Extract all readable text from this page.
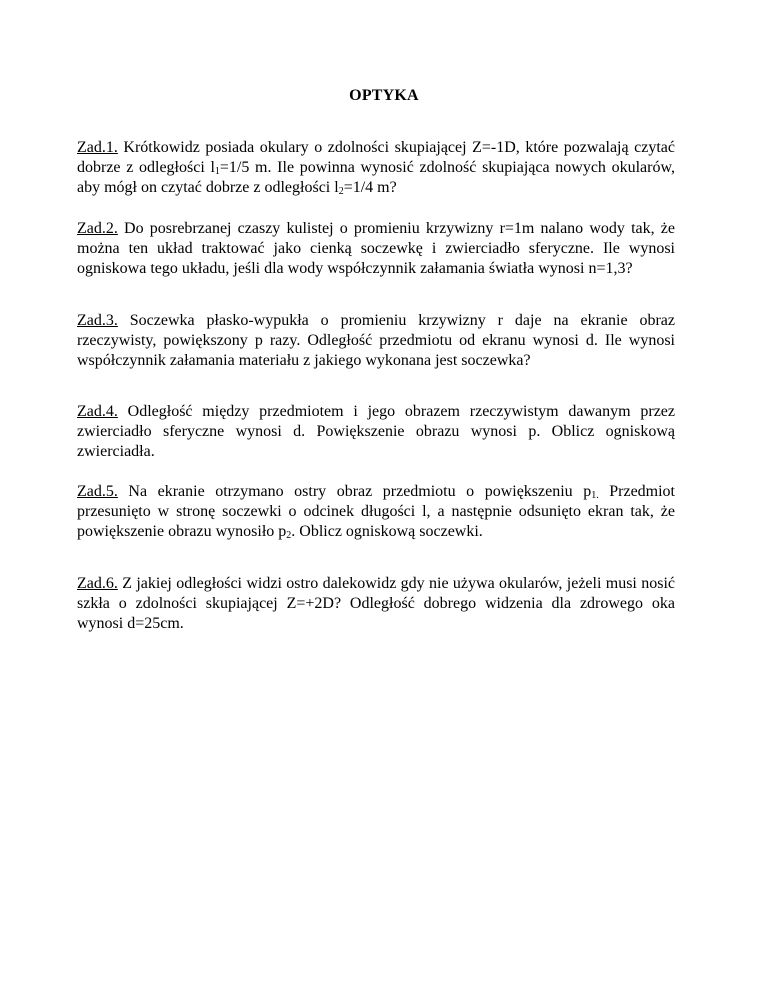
OPTYKA

Zad.1. Krótkowidz posiada okulary o zdolności skupiającej Z=-1D, które pozwalają czytać dobrze z odległości $l_1=1/5$ m. Ile powinna wynosić zdolność skupiająca nowych okularów, aby mógł on czytać dobrze z odległości $l_2=1/4$ m?

Zad.2. Do posrebrzanej czaszy kulistej o promieniu krzywizny r=1m nalano wody tak, że można ten układ traktować jako cienką soczewkę i zwierciadło sferyczne. Ile wynosi ogniskowa tego układu, jeśli dla wody współczynnik załamania światła wynosi n=1,3?

Zad.3. Soczewka płasko-wypukła o promieniu krzywizny r daje na ekranie obraz rzeczywisty, powiększony p razy. Odległość przedmiotu od ekranu wynosi d. Ile wynosi współczynnik załamania materiału z jakiego wykonana jest soczewka?

Zad.4. Odległość między przedmiotem i jego obrazem rzeczywistym dawanym przez zwierciadło sferyczne wynosi d. Powiększenie obrazu wynosi p. Oblicz ogniskową zwierciadła.

Zad.5. Na ekranie otrzymano ostry obraz przedmiotu o powiększeniu $p_{1.}$ Przedmiot przesunięto w stronę soczewki o odcinek długości l, a następnie odsunięto ekran tak, że powiększenie obrazu wynosiło $p_2$. Oblicz ogniskową soczewki.

Zad.6. Z jakiej odległości widzi ostro dalekowidz gdy nie używa okularów, jeżeli musi nosić szkła o zdolności skupiającej Z=+2D? Odległość dobrego widzenia dla zdrowego oka wynosi d=25cm.
